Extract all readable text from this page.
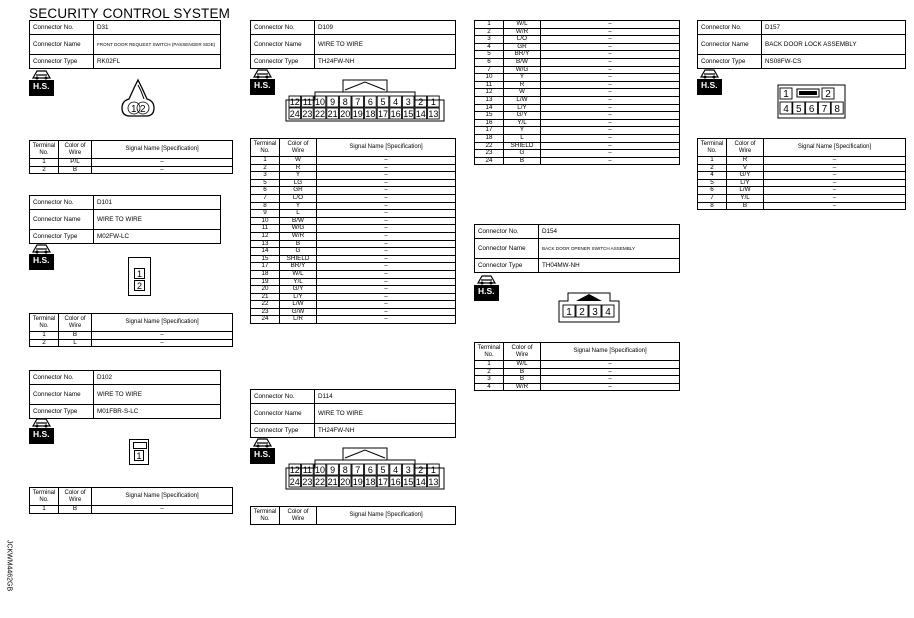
SECURITY CONTROL SYSTEM
JCKWM4462GB
Connector No.	D31
Connector Name	FRONT DOOR REQUEST SWITCH (PASSENGER SIDE)
Connector Type	RK02FL
H.S.
1 2
Terminal No.	Color of Wire	Signal Name [Specification]
1	P/L	–
2	B	–
Connector No.	D101
Connector Name	WIRE TO WIRE
Connector Type	M02FW-LC
H.S.
1
2
Terminal No.	Color of Wire	Signal Name [Specification]
1	B	–
2	L	–
Connector No.	D102
Connector Name	WIRE TO WIRE
Connector Type	M01FBR-S-LC
H.S.
1
Terminal No.	Color of Wire	Signal Name [Specification]
1	B	–
Connector No.	D109
Connector Name	WIRE TO WIRE
Connector Type	TH24FW-NH
H.S.
12 11 10 9 8 7 6 5 4 3 2 1
24 23 22 21 20 19 18 17 16 15 14 13
Terminal No.	Color of Wire	Signal Name [Specification]
1	W	–
2	R	–
3	Y	–
5	LG	–
6	GR	–
7	L/O	–
8	Y	–
9	L	–
10	B/W	–
11	W/G	–
12	W/R	–
13	B	–
14	G	–
15	SHIELD	–
17	BR/Y	–
18	W/L	–
19	Y/L	–
20	G/Y	–
21	L/Y	–
22	L/W	–
23	G/W	–
24	L/R	–
Connector No.	D114
Connector Name	WIRE TO WIRE
Connector Type	TH24FW-NH
H.S.
12 11 10 9 8 7 6 5 4 3 2 1
24 23 22 21 20 19 18 17 16 15 14 13
Terminal No.	Color of Wire	Signal Name [Specification]
1	W/L	–
2	W/R	–
3	L/O	–
4	GR	–
5	BR/Y	–
6	B/W	–
7	W/G	–
10	Y	–
11	R	–
12	W	–
13	L/W	–
14	L/Y	–
15	G/Y	–
16	Y/L	–
17	Y	–
18	L	–
22	SHIELD	–
23	G	–
24	B	–
Connector No.	D154
Connector Name	BACK DOOR OPENER SWITCH ASSEMBLY
Connector Type	TH04MW-NH
H.S.
1 2 3 4
Terminal No.	Color of Wire	Signal Name [Specification]
1	W/L	–
2	B	–
3	B	–
4	W/R	–
Connector No.	D157
Connector Name	BACK DOOR LOCK ASSEMBLY
Connector Type	NS08FW-CS
H.S.
1	2
4 5 6 7 8
Terminal No.	Color of Wire	Signal Name [Specification]
1	R	–
2	V	–
4	G/Y	–
5	L/Y	–
6	L/W	–
7	Y/L	–
8	B	–
